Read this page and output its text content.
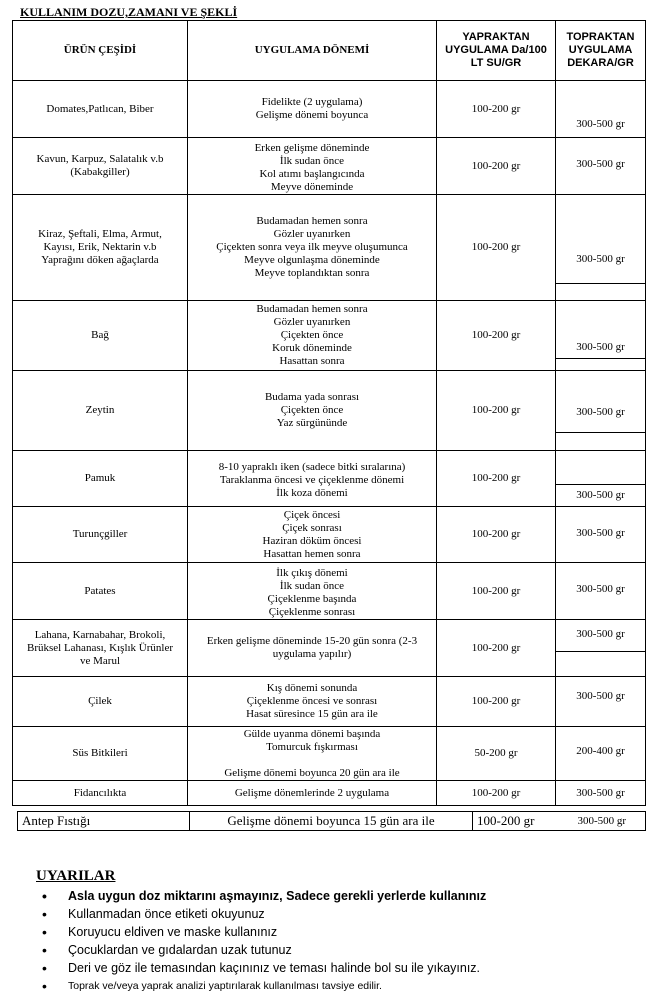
KULLANIM DOZU,ZAMANI VE ŞEKLİ
ÜRÜN ÇEŞİDİ	UYGULAMA DÖNEMİ	YAPRAKTAN UYGULAMA Da/100 LT SU/GR	TOPRAKTAN UYGULAMA DEKARA/GR
Domates,Patlıcan, Biber	Fidelikte (2 uygulama)
Gelişme dönemi boyunca	100-200 gr	300-500 gr

Kavun, Karpuz, Salatalık v.b
(Kabakgiller)	Erken gelişme döneminde
İlk sudan önce
Kol atımı başlangıcında
Meyve döneminde	100-200 gr	300-500 gr

Kiraz, Şeftali, Elma, Armut,
Kayısı, Erik, Nektarin v.b
Yaprağını döken ağaçlarda	Budamadan hemen sonra
Gözler uyanırken
Çiçekten sonra veya ilk meyve oluşumunca
Meyve olgunlaşma döneminde
Meyve toplandıktan sonra	100-200 gr	300-500 gr

Bağ	Budamadan hemen sonra
Gözler uyanırken
Çiçekten önce
Koruk döneminde
Hasattan sonra	100-200 gr	300-500 gr

Zeytin	Budama yada sonrası
Çiçekten önce
Yaz sürgününde	100-200 gr	300-500 gr

Pamuk	8-10 yapraklı iken (sadece bitki sıralarına)
Taraklanma öncesi ve çiçeklenme dönemi
İlk koza dönemi	100-200 gr	300-500 gr

Turunçgiller	Çiçek öncesi
Çiçek sonrası
Haziran döküm öncesi
Hasattan hemen sonra	100-200 gr	300-500 gr

Patates	İlk çıkış dönemi
İlk sudan önce
Çiçeklenme başında
Çiçeklenme sonrası	100-200 gr	300-500 gr

Lahana, Karnabahar, Brokoli,
Brüksel Lahanası, Kışlık Ürünler
ve Marul	Erken gelişme döneminde 15-20 gün sonra (2-3
uygulama yapılır)	100-200 gr	300-500 gr

Çilek	Kış dönemi sonunda
Çiçeklenme öncesi ve sonrası
Hasat süresince 15 gün ara ile	100-200 gr	300-500 gr

Süs Bitkileri	Gülde uyanma dönemi başında
Tomurcuk fışkırması

Gelişme dönemi boyunca 20 gün ara ile	50-200 gr	200-400 gr

Fidancılıkta	Gelişme dönemlerinde 2 uygulama	100-200 gr	300-500 gr
Antep Fıstığı	Gelişme dönemi boyunca 15 gün ara ile	100-200 gr	300-500 gr
UYARILAR
• Asla uygun doz miktarını aşmayınız, Sadece gerekli yerlerde kullanınız
• Kullanmadan önce etiketi okuyunuz
• Koruyucu eldiven ve maske kullanınız
• Çocuklardan ve gıdalardan uzak tutunuz
• Deri ve göz ile temasından kaçınınız ve teması halinde bol su ile yıkayınız.
• Toprak ve/veya yaprak analizi yaptırılarak kullanılması tavsiye edilir.
